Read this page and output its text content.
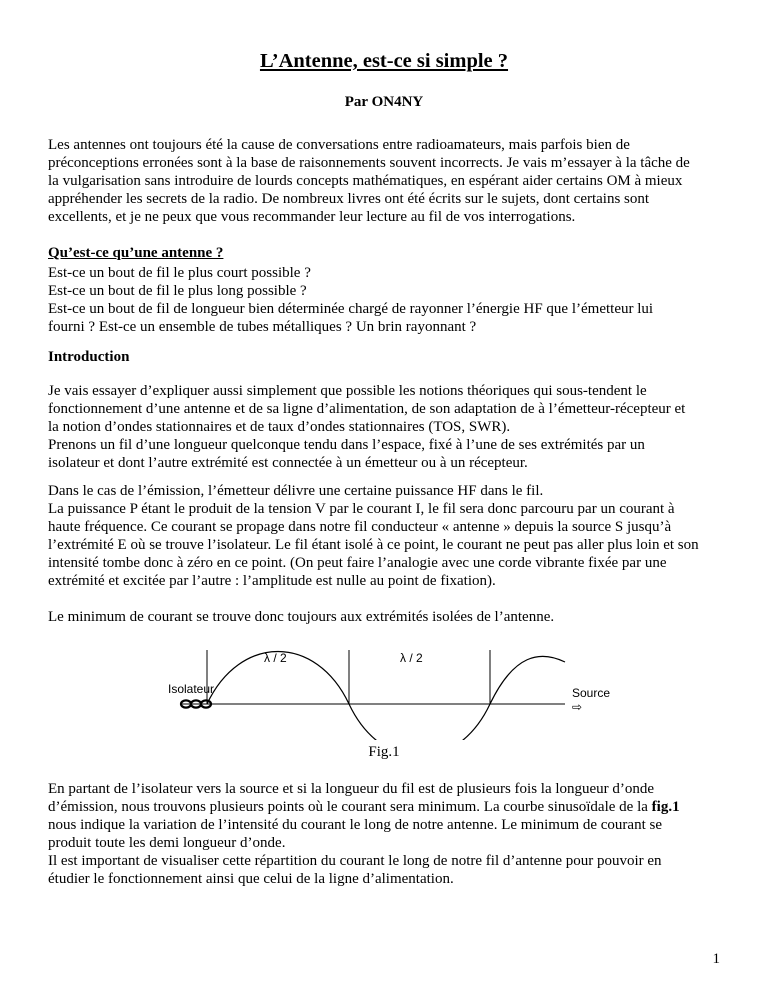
L’Antenne, est-ce si simple ?
Par ON4NY
Les antennes ont toujours été la cause de conversations entre radioamateurs, mais parfois bien de
préconceptions erronées sont à la base de raisonnements souvent incorrects. Je vais m’essayer à la tâche de
la vulgarisation sans introduire de lourds concepts mathématiques, en espérant aider certains OM à mieux
appréhender les secrets de la radio. De nombreux livres ont été écrits sur le sujets, dont certains sont
excellents, et je ne peux que vous recommander leur lecture au fil de vos interrogations.
Qu’est-ce qu’une antenne ?
Est-ce un bout de fil le plus court possible ?
Est-ce un bout de fil le plus long possible ?
Est-ce un bout de fil de longueur bien déterminée chargé de rayonner l’énergie HF que l’émetteur lui
fourni ? Est-ce un ensemble de tubes métalliques ? Un brin rayonnant ?
Introduction
Je vais essayer d’expliquer aussi simplement que possible les notions théoriques qui sous-tendent le
fonctionnement d’une antenne et de sa ligne d’alimentation, de son adaptation de à l’émetteur-récepteur et
la notion d’ondes stationnaires et de taux d’ondes stationnaires (TOS, SWR).
Prenons un fil d’une longueur quelconque tendu dans l’espace, fixé à l’une de ses extrémités par un
isolateur et dont l’autre extrémité est connectée à un émetteur ou à un récepteur.
Dans le cas de l’émission, l’émetteur délivre une certaine puissance HF dans le fil.
La puissance P étant le produit de la tension V par le courant I, le fil sera donc parcouru par un courant à
haute fréquence. Ce courant se propage dans notre fil conducteur « antenne » depuis la source S jusqu’à
l’extrémité E où se trouve l’isolateur. Le fil étant isolé à ce point, le courant ne peut pas aller plus loin et son
intensité tombe donc à zéro en ce point. (On peut faire l’analogie avec une corde vibrante fixée par une
extrémité et excitée par l’autre : l’amplitude est nulle au point de fixation).
Le minimum de courant se trouve donc toujours aux extrémités isolées de l’antenne.
λ / 2	λ / 2
Isolateur	Source
⇨
Fig.1
En partant de l’isolateur vers la source et si la longueur du fil est de plusieurs fois la longueur d’onde
d’émission, nous trouvons plusieurs points où le courant sera minimum. La courbe sinusoïdale de la fig.1
nous indique la variation de l’intensité du courant le long de notre antenne. Le minimum de courant se
produit toute les demi longueur d’onde.
Il est important de visualiser cette répartition du courant le long de notre fil d’antenne pour pouvoir en
étudier le fonctionnement ainsi que celui de la ligne d’alimentation.
1
